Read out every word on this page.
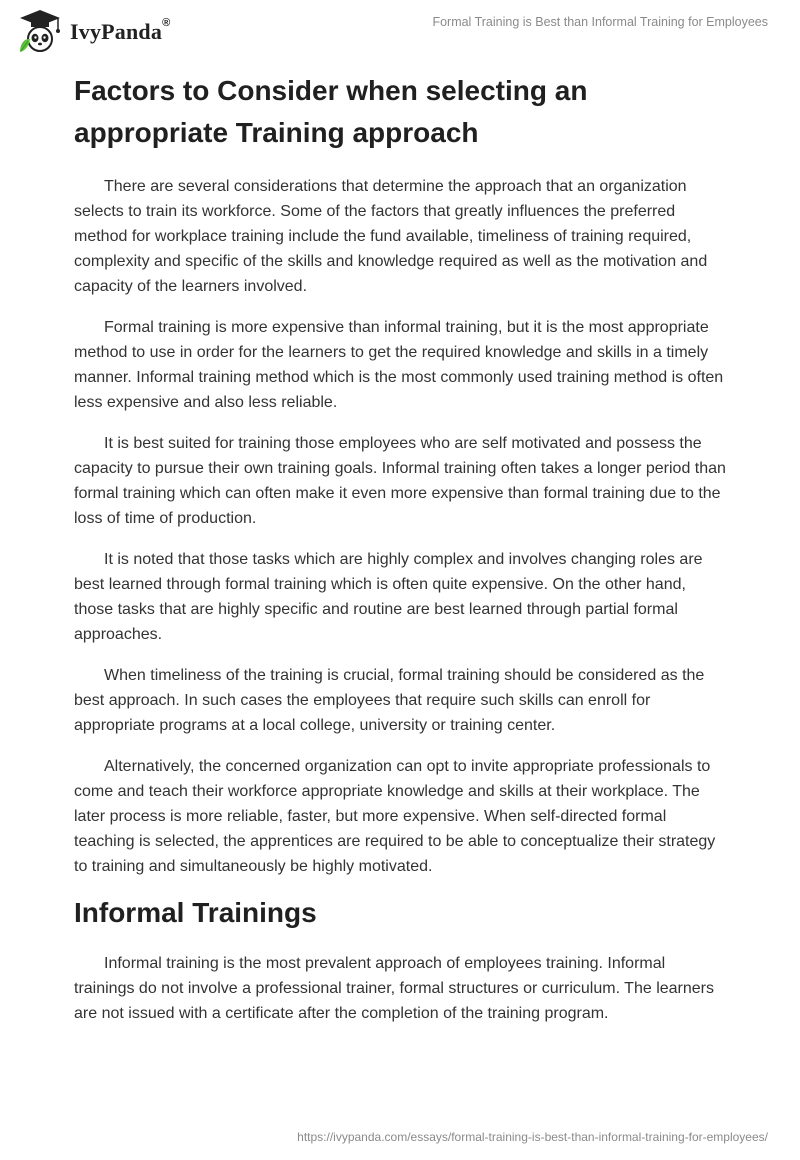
IvyPanda®	Formal Training is Best than Informal Training for Employees
Factors to Consider when selecting an appropriate Training approach

There are several considerations that determine the approach that an organization selects to train its workforce. Some of the factors that greatly influences the preferred method for workplace training include the fund available, timeliness of training required, complexity and specific of the skills and knowledge required as well as the motivation and capacity of the learners involved.

Formal training is more expensive than informal training, but it is the most appropriate method to use in order for the learners to get the required knowledge and skills in a timely manner. Informal training method which is the most commonly used training method is often less expensive and also less reliable.

It is best suited for training those employees who are self motivated and possess the capacity to pursue their own training goals. Informal training often takes a longer period than formal training which can often make it even more expensive than formal training due to the loss of time of production.

It is noted that those tasks which are highly complex and involves changing roles are best learned through formal training which is often quite expensive. On the other hand, those tasks that are highly specific and routine are best learned through partial formal approaches.

When timeliness of the training is crucial, formal training should be considered as the best approach. In such cases the employees that require such skills can enroll for appropriate programs at a local college, university or training center.

Alternatively, the concerned organization can opt to invite appropriate professionals to come and teach their workforce appropriate knowledge and skills at their workplace. The later process is more reliable, faster, but more expensive. When self-directed formal teaching is selected, the apprentices are required to be able to conceptualize their strategy to training and simultaneously be highly motivated.

Informal Trainings

Informal training is the most prevalent approach of employees training. Informal trainings do not involve a professional trainer, formal structures or curriculum. The learners are not issued with a certificate after the completion of the training program.

https://ivypanda.com/essays/formal-training-is-best-than-informal-training-for-employees/
